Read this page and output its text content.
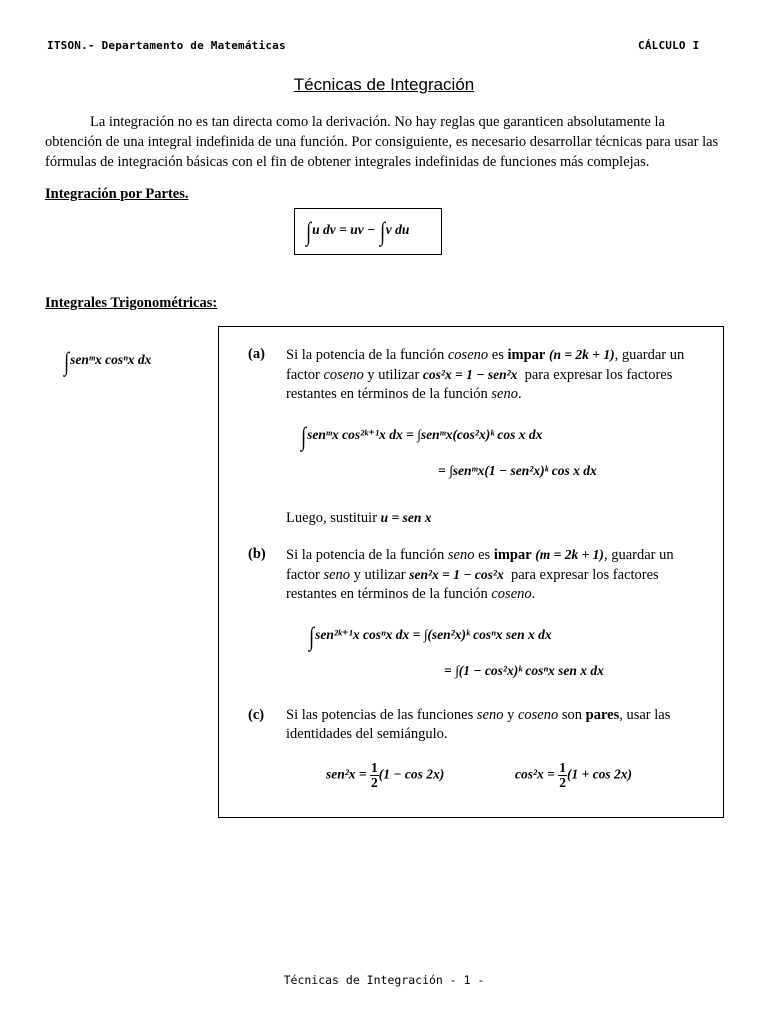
ITSON.- Departamento de Matemáticas	CÁLCULO I
Técnicas de Integración
La integración no es tan directa como la derivación. No hay reglas que garanticen absolutamente la obtención de una integral indefinida de una función. Por consiguiente, es necesario desarrollar técnicas para usar las fórmulas de integración básicas con el fin de obtener integrales indefinidas de funciones más complejas.
Integración por Partes.
∫u dv = uv − ∫v du
Integrales Trigonométricas:
∫senᵐx cosⁿx dx	(a) Si la potencia de la función coseno es impar (n = 2k + 1), guardar un
factor coseno y utilizar cos²x = 1 − sen²x para expresar los factores
restantes en términos de la función seno.
∫senᵐx cos²ᵏ⁺¹x dx = ∫senᵐx(cos²x)ᵏ cos x dx
= ∫senᵐx(1 − sen²x)ᵏ cos x dx
Luego, sustituir u = sen x
(b) Si la potencia de la función seno es impar (m = 2k + 1), guardar un
factor seno y utilizar sen²x = 1 − cos²x para expresar los factores
restantes en términos de la función coseno.
∫sen²ᵏ⁺¹x cosⁿx dx = ∫(sen²x)ᵏ cosⁿx sen x dx
= ∫(1 − cos²x)ᵏ cosⁿx sen x dx
(c) Si las potencias de las funciones seno y coseno son pares, usar las
identidades del semiángulo.
$sen^2x = \frac{1}{2} (1 - \cos 2x)$	$\cos^2x = \frac{1}{2} (1 + \cos 2x)$
Técnicas de Integración - 1 -
